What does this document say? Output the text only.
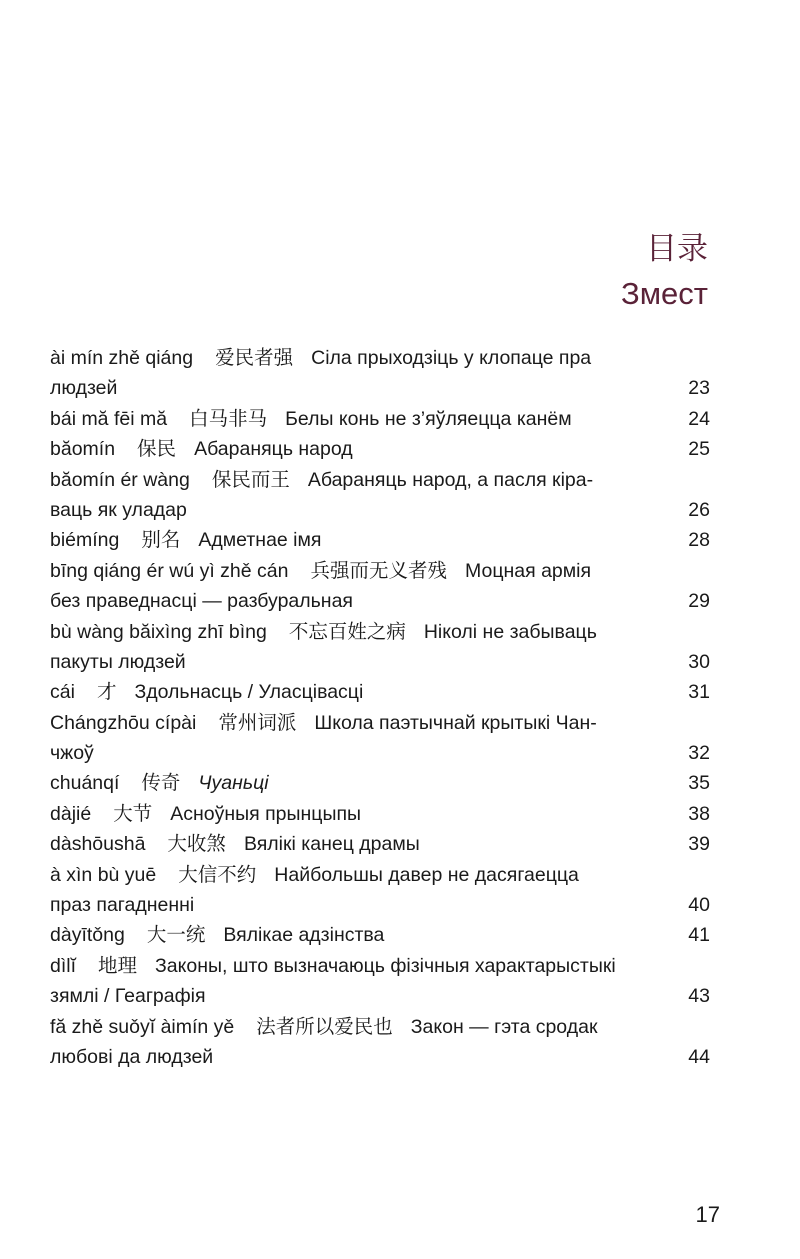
目录
Змест
ài mín zhě qiáng 爱民者强 Сіла прыходзіць у клопаце пра
людзей	23
bái mă fēi mă 白马非马 Белы конь не з’яўляецца канём	24
băomín 保民 Абараняць народ	25
băomín ér wàng 保民而王 Абараняць народ, а пасля кіра-
ваць як уладар	26
biémíng 别名 Адметнае імя	28
bīng qiáng ér wú yì zhě cán 兵强而无义者残 Моцная армія
без праведнасці — разбуральная	29
bù wàng băixìng zhī bìng 不忘百姓之病 Ніколі не забываць
пакуты людзей	30
cái 才 Здольнасць / Уласцівасці	31
Chángzhōu cípài 常州词派 Школа паэтычнай крытыкі Чан-
чжоў	32
chuánqí 传奇 Чуаньці	35
dàjié 大节 Асноўныя прынцыпы	38
dàshōushā 大收煞 Вялікі канец драмы	39
à xìn bù yuē 大信不约 Найбольшы давер не дасягаецца
праз пагадненні	40
dàyītǒng 大一统 Вялікае адзінства	41
dìlĭ 地理 Законы, што вызначаюць фізічныя характарыстыкі
зямлі / Геаграфія	43
fă zhě suǒyĭ àimín yě 法者所以爱民也 Закон — гэта сродак
любові да людзей	44
17
